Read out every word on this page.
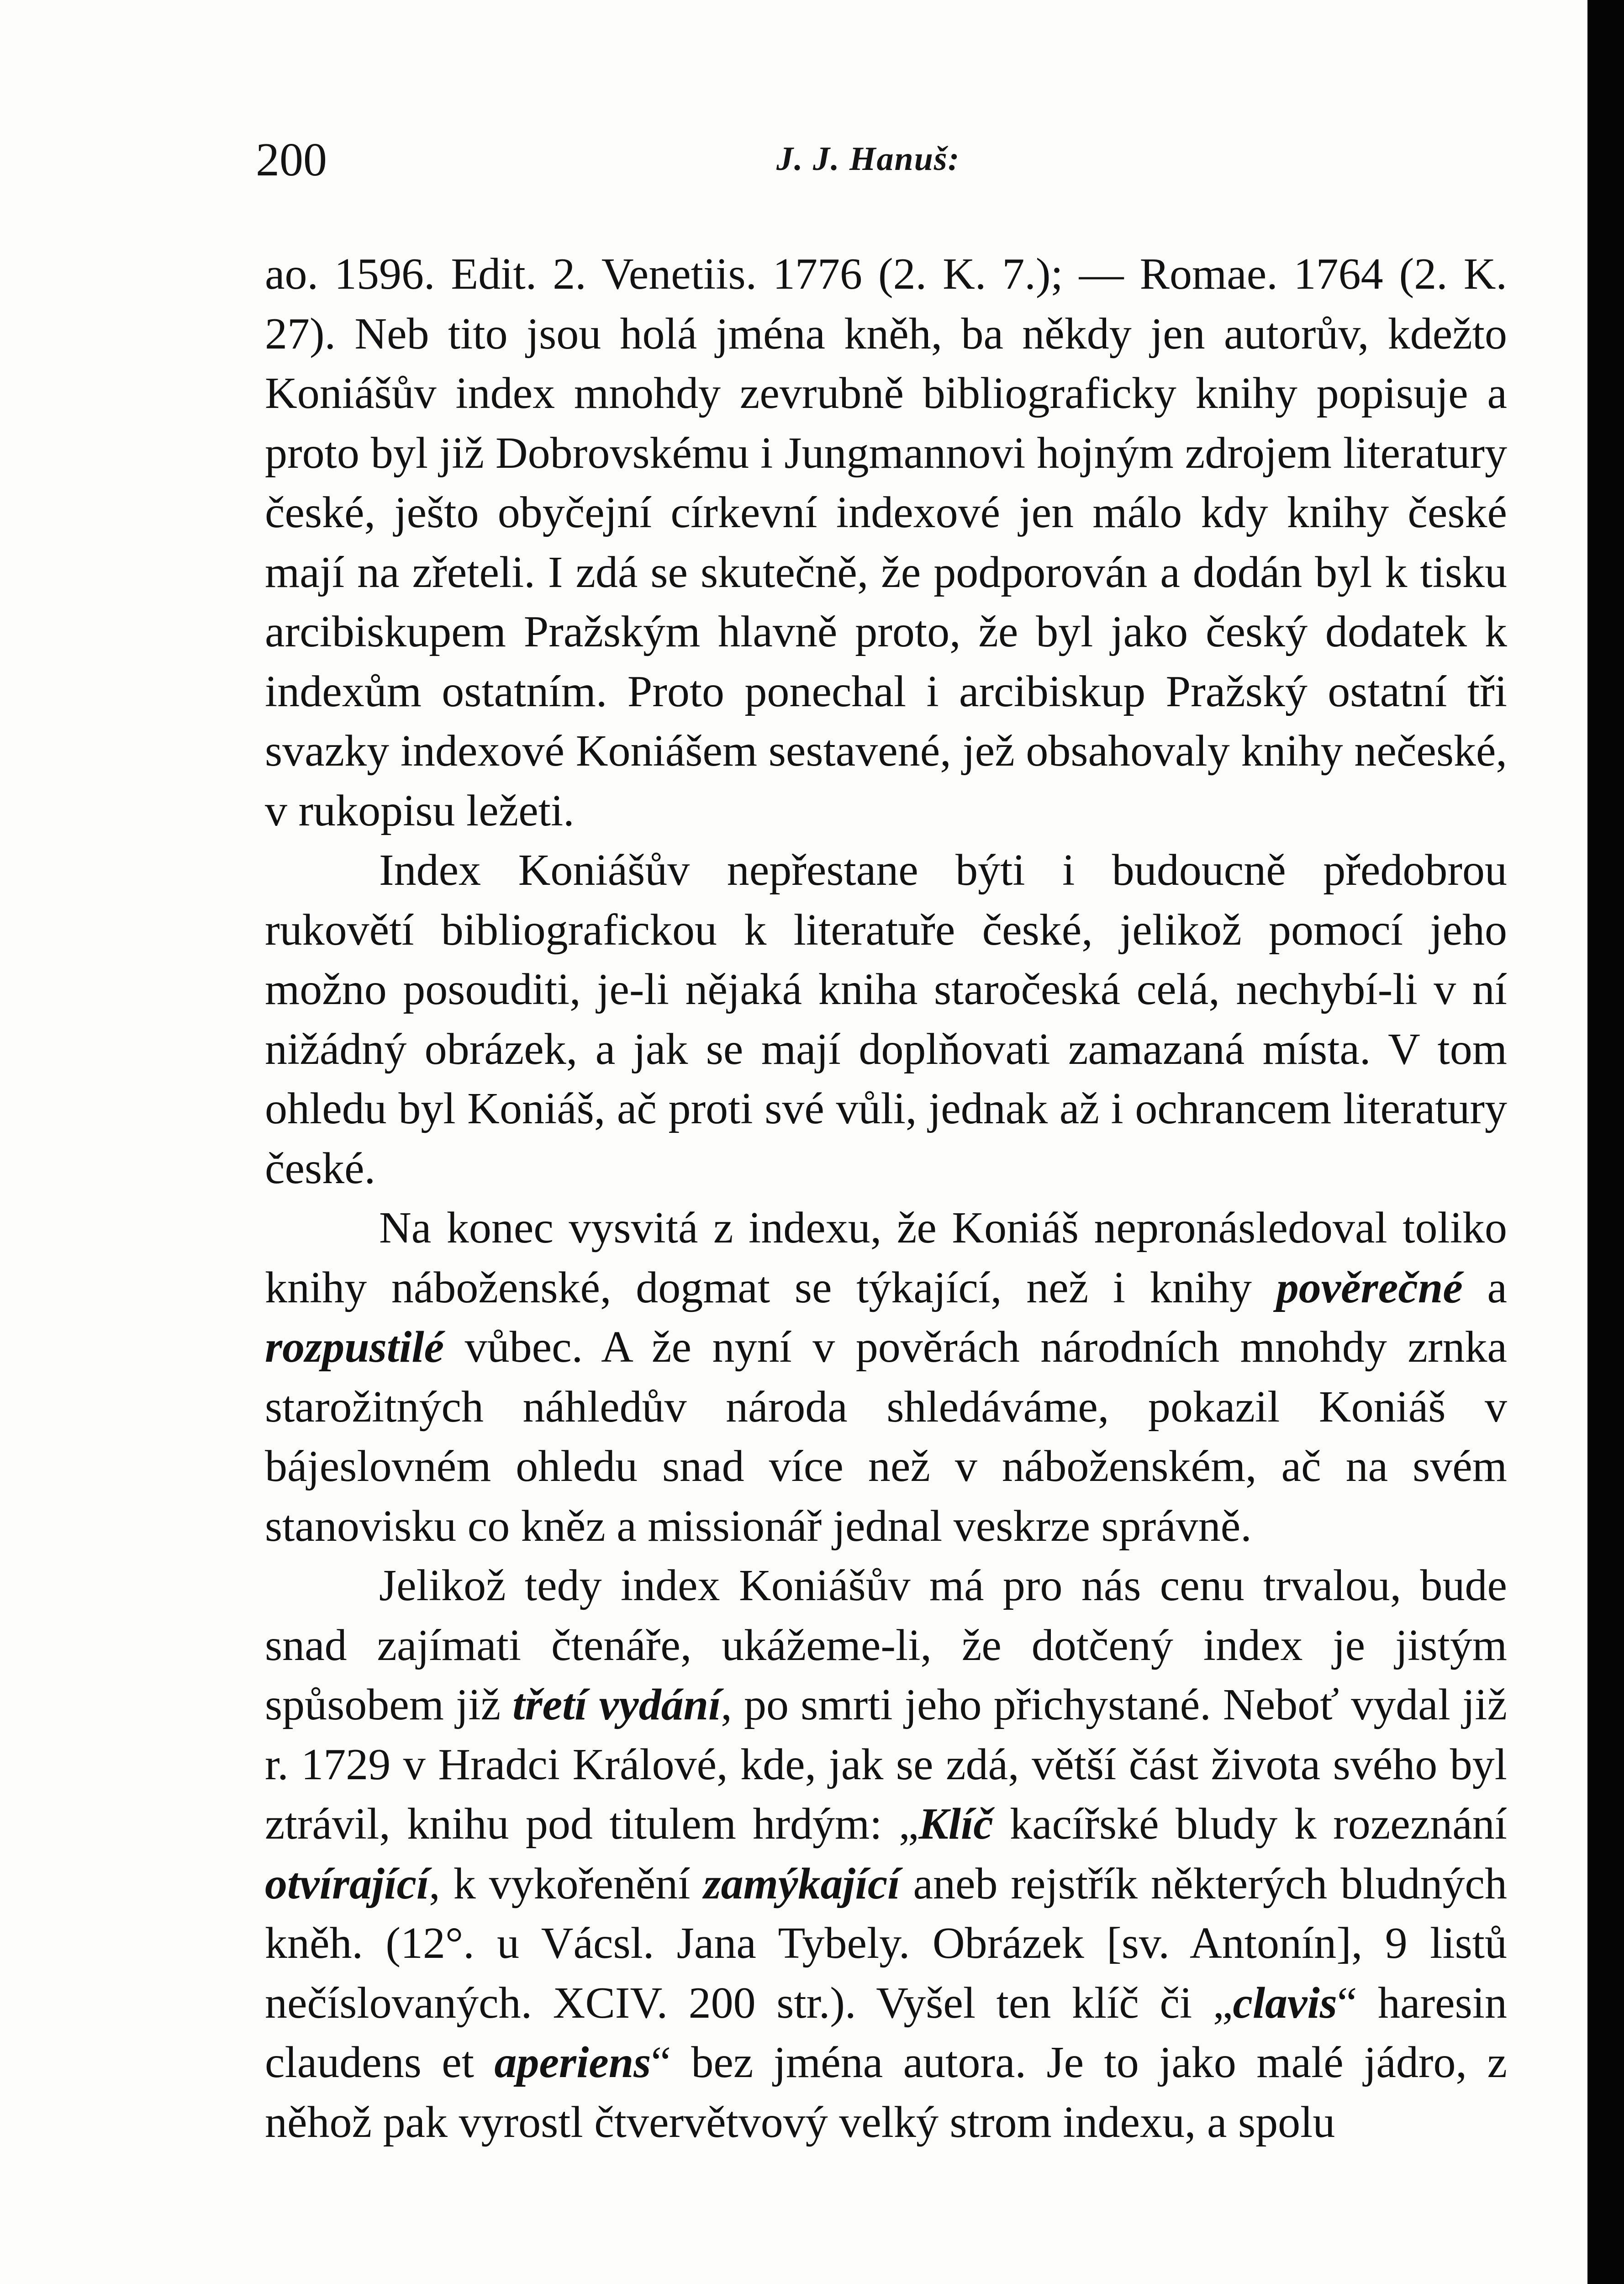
200	J. J. Hanuš:

ao. 1596. Edit. 2. Venetiis. 1776 (2. K. 7.); — Romae. 1764 (2. K. 27). Neb tito jsou holá jména kněh, ba někdy jen autorův, kdežto Koniášův index mnohdy zevrubně bibliograficky knihy popisuje a proto byl již Dobrovskému i Jungmannovi hojným zdrojem literatury české, ješto obyčejní církevní indexové jen málo kdy knihy české mají na zřeteli. I zdá se skutečně, že podporován a dodán byl k tisku arcibiskupem Pražským hlavně proto, že byl jako český dodatek k indexům ostatním. Proto ponechal i arcibiskup Pražský ostatní tři svazky indexové Koniášem sestavené, jež obsahovaly knihy nečeské, v rukopisu ležeti.

Index Koniášův nepřestane býti i budoucně předobrou rukovětí bibliografickou k literatuře české, jelikož pomocí jeho možno posouditi, je-li nějaká kniha staročeská celá, nechybí-li v ní nižádný obrázek, a jak se mají doplňovati zamazaná místa. V tom ohledu byl Koniáš, ač proti své vůli, jednak až i ochrancem literatury české.

Na konec vysvitá z indexu, že Koniáš nepronásledoval toliko knihy náboženské, dogmat se týkající, než i knihy pověrečné a rozpustilé vůbec. A že nyní v pověrách národních mnohdy zrnka starožitných náhledův národa shledáváme, pokazil Koniáš v bájeslovném ohledu snad více než v náboženském, ač na svém stanovisku co kněz a missionář jednal veskrze správně.

Jelikož tedy index Koniášův má pro nás cenu trvalou, bude snad zajímati čtenáře, ukážeme-li, že dotčený index je jistým spůsobem již třetí vydání, po smrti jeho přichystané. Neboť vydal již r. 1729 v Hradci Králové, kde, jak se zdá, větší část života svého byl ztrávil, knihu pod titulem hrdým: „Klíč kacířské bludy k rozeznání otvírající, k vykořenění zamýkající aneb rejstřík některých bludných kněh. (12°. u Vácsl. Jana Tybely. Obrázek [sv. Antonín], 9 listů nečíslovaných. XCIV. 200 str.). Vyšel ten klíč či „clavis“ haresin claudens et aperiens“ bez jména autora. Je to jako malé jádro, z něhož pak vyrostl čtvervětvový velký strom indexu, a spolu
